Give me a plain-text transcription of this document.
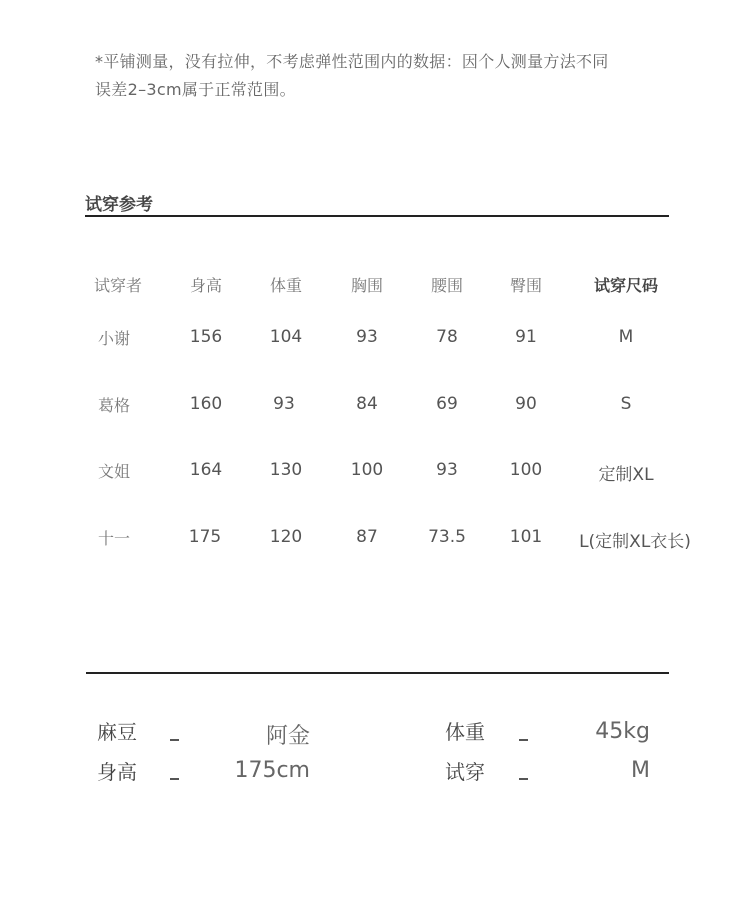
*平铺测量，没有拉伸，不考虑弹性范围内的数据：因个人测量方法不同
误差2–3cm属于正常范围。
试穿参考
试穿者	身高	体重	胸围	腰围	臀围	试穿尺码
小谢	156	104	93	78	91	M
葛格	160	93	84	69	90	S
文姐	164	130	100	93	100	定制XL
十一	175	120	87	73.5	101 L(定制XL衣长)
麻豆	阿金	体重	45kg
身高	175cm	试穿	M
